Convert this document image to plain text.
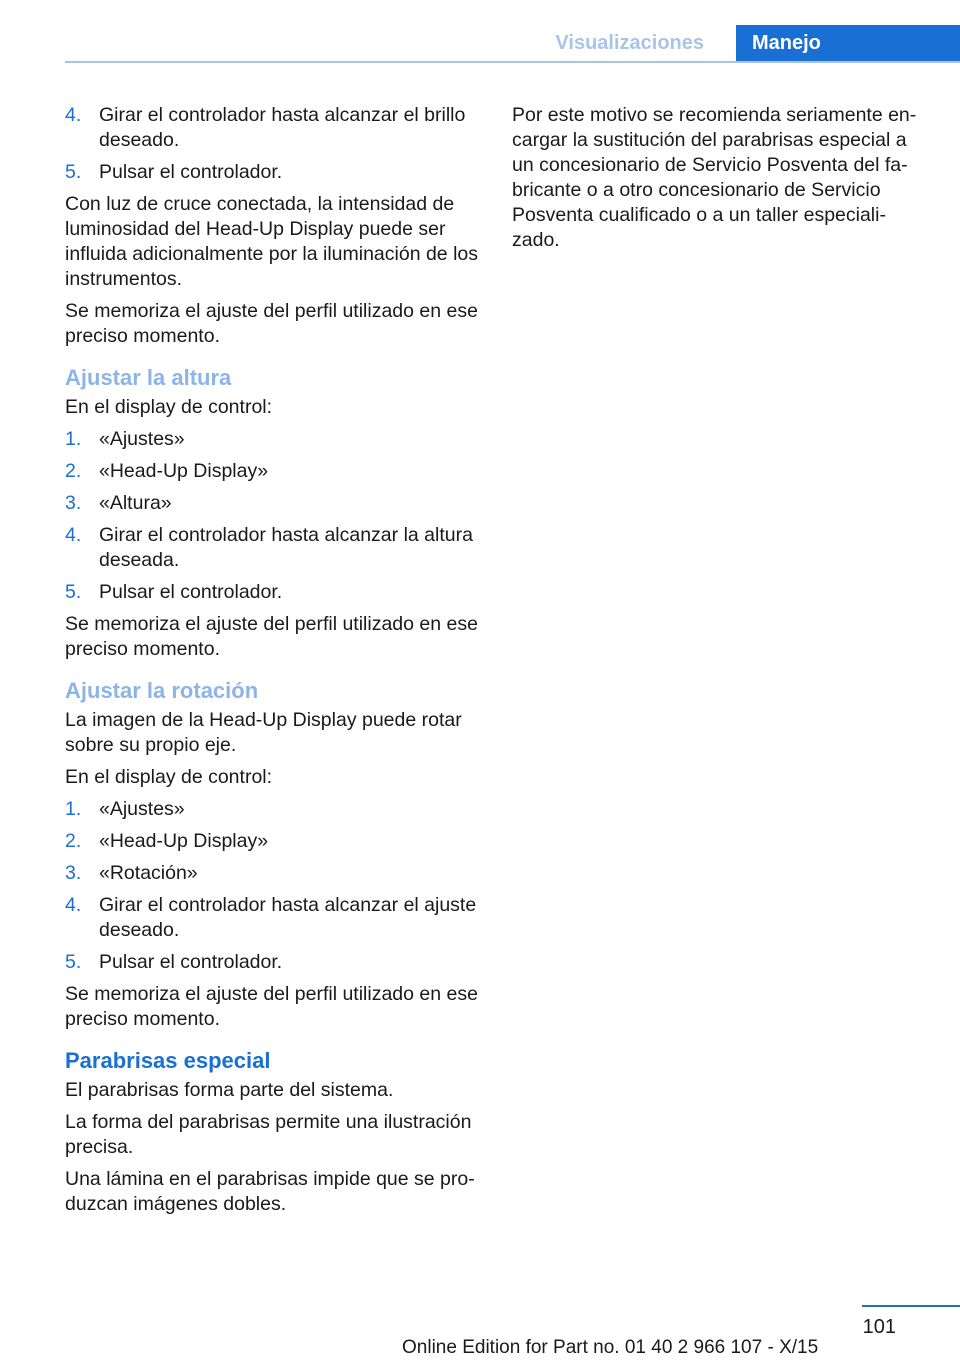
Visualizaciones	Manejo
4. Girar el controlador hasta alcanzar el brillo deseado.
5. Pulsar el controlador.

Con luz de cruce conectada, la intensidad de luminosidad del Head-Up Display puede ser influida adicionalmente por la iluminación de los instrumentos.

Se memoriza el ajuste del perfil utilizado en ese preciso momento.

Ajustar la altura

En el display de control:

1. «Ajustes»
2. «Head-Up Display»
3. «Altura»
4. Girar el controlador hasta alcanzar la altura deseada.
5. Pulsar el controlador.

Se memoriza el ajuste del perfil utilizado en ese preciso momento.

Ajustar la rotación

La imagen de la Head-Up Display puede rotar sobre su propio eje.

En el display de control:

1. «Ajustes»
2. «Head-Up Display»
3. «Rotación»
4. Girar el controlador hasta alcanzar el ajuste deseado.
5. Pulsar el controlador.

Se memoriza el ajuste del perfil utilizado en ese preciso momento.

Parabrisas especial

El parabrisas forma parte del sistema.

La forma del parabrisas permite una ilustración precisa.

Una lámina en el parabrisas impide que se pro‐ duzcan imágenes dobles.

Por este motivo se recomienda seriamente en‐ cargar la sustitución del parabrisas especial a un concesionario de Servicio Posventa del fa‐ bricante o a otro concesionario de Servicio Posventa cualificado o a un taller especiali‐ zado.

101
Online Edition for Part no. 01 40 2 966 107 - X/15
